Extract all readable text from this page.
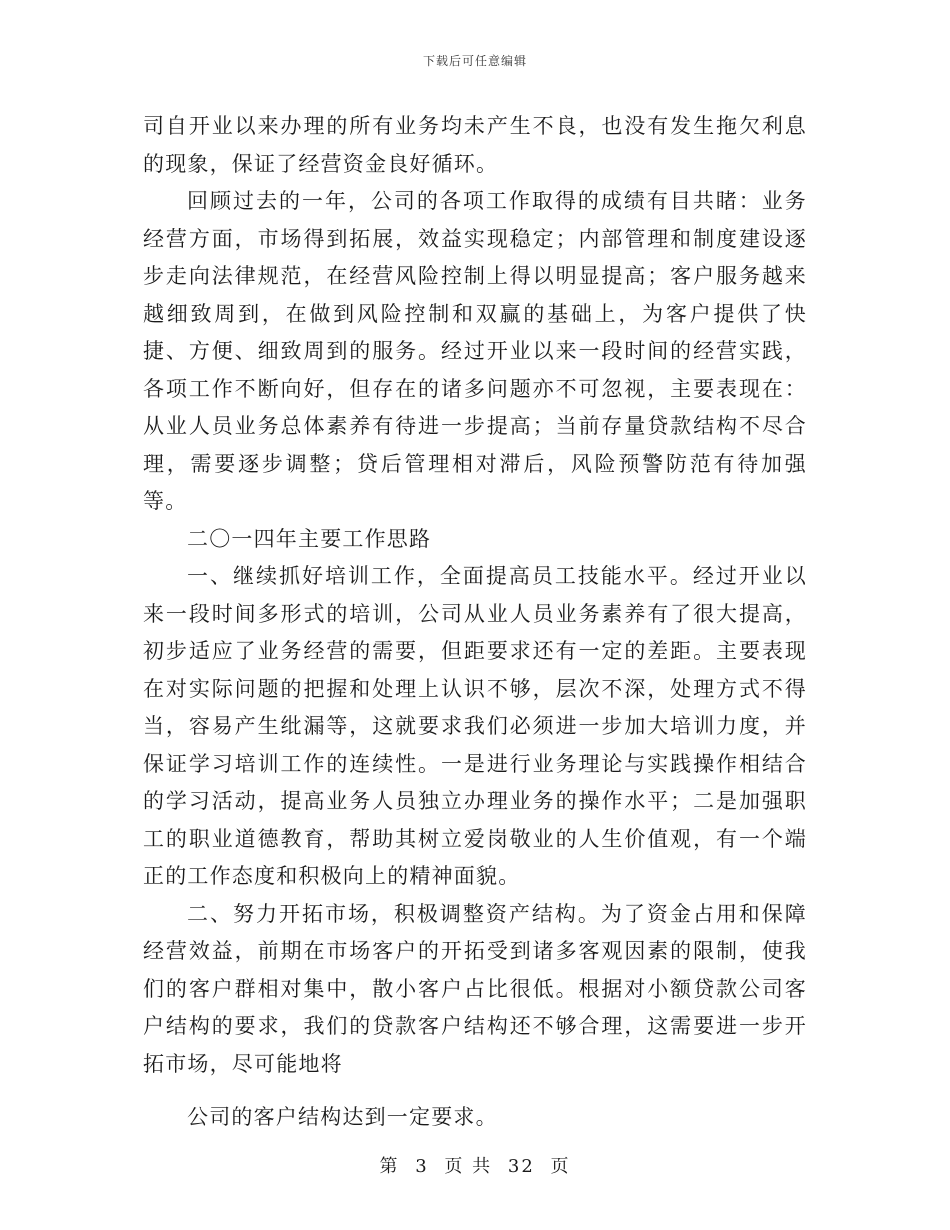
下载后可任意编辑

司自开业以来办理的所有业务均未产生不良，也没有发生拖欠利息的现象，保证了经营资金良好循环。

回顾过去的一年，公司的各项工作取得的成绩有目共睹：业务经营方面，市场得到拓展，效益实现稳定；内部管理和制度建设逐步走向法律规范，在经营风险控制上得以明显提高；客户服务越来越细致周到，在做到风险控制和双赢的基础上，为客户提供了快捷、方便、细致周到的服务。经过开业以来一段时间的经营实践，各项工作不断向好，但存在的诸多问题亦不可忽视，主要表现在：从业人员业务总体素养有待进一步提高；当前存量贷款结构不尽合理，需要逐步调整；贷后管理相对滞后，风险预警防范有待加强等。

二〇一四年主要工作思路

一、继续抓好培训工作，全面提高员工技能水平。经过开业以来一段时间多形式的培训，公司从业人员业务素养有了很大提高，初步适应了业务经营的需要，但距要求还有一定的差距。主要表现在对实际问题的把握和处理上认识不够，层次不深，处理方式不得当，容易产生纰漏等，这就要求我们必须进一步加大培训力度，并保证学习培训工作的连续性。一是进行业务理论与实践操作相结合的学习活动，提高业务人员独立办理业务的操作水平；二是加强职工的职业道德教育，帮助其树立爱岗敬业的人生价值观，有一个端正的工作态度和积极向上的精神面貌。

二、努力开拓市场，积极调整资产结构。为了资金占用和保障经营效益，前期在市场客户的开拓受到诸多客观因素的限制，使我们的客户群相对集中，散小客户占比很低。根据对小额贷款公司客户结构的要求，我们的贷款客户结构还不够合理，这需要进一步开拓市场，尽可能地将

公司的客户结构达到一定要求。

第 3 页 共 32 页
